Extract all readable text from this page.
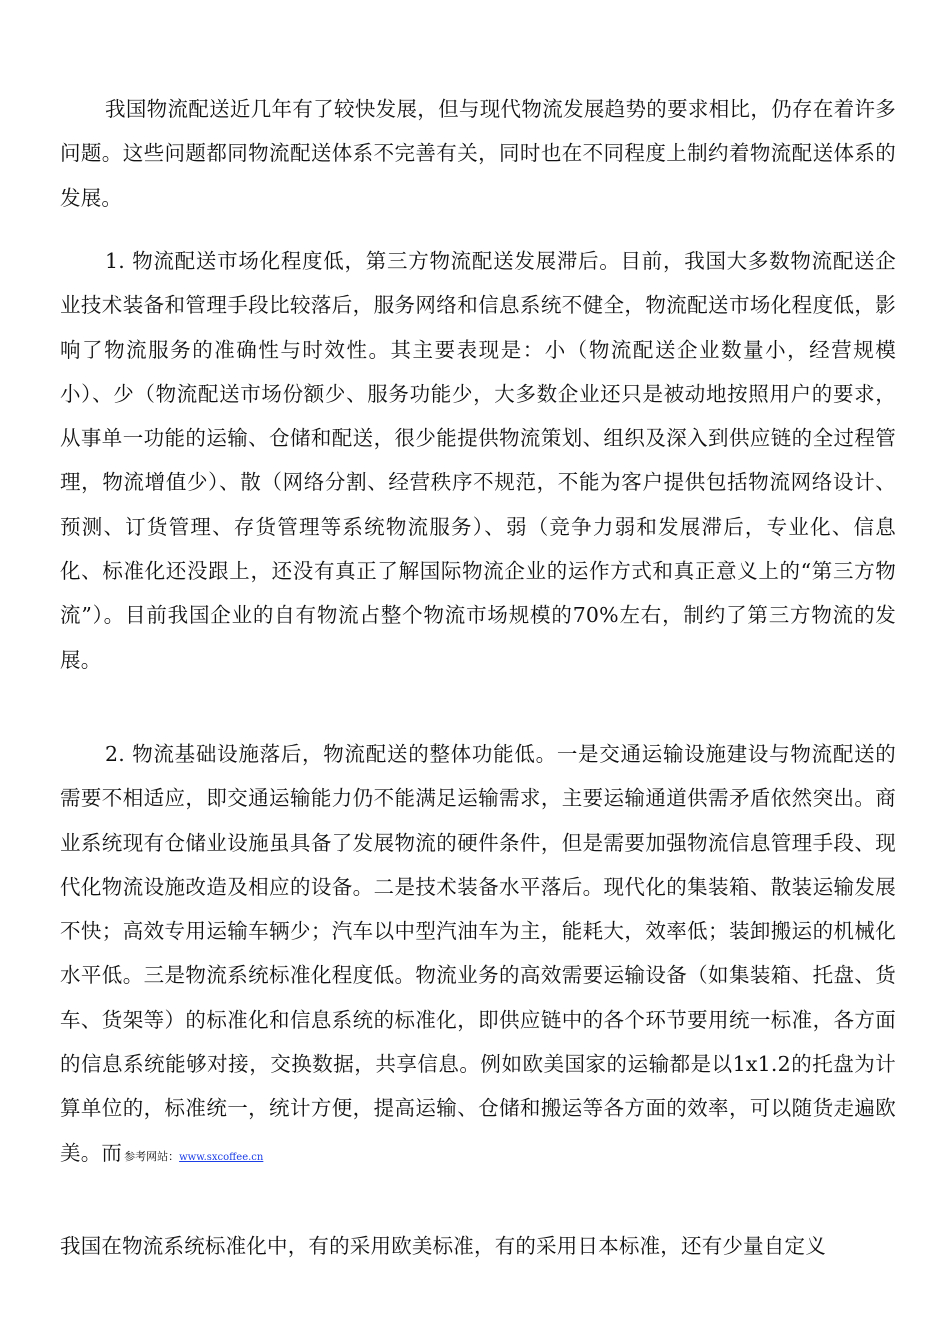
我国物流配送近几年有了较快发展，但与现代物流发展趋势的要求相比，仍存在着许多问题。这些问题都同物流配送体系不完善有关，同时也在不同程度上制约着物流配送体系的发展。

1. 物流配送市场化程度低，第三方物流配送发展滞后。目前，我国大多数物流配送企业技术装备和管理手段比较落后，服务网络和信息系统不健全，物流配送市场化程度低，影响了物流服务的准确性与时效性。其主要表现是：小（物流配送企业数量小，经营规模小）、少（物流配送市场份额少、服务功能少，大多数企业还只是被动地按照用户的要求，从事单一功能的运输、仓储和配送，很少能提供物流策划、组织及深入到供应链的全过程管理，物流增值少）、散（网络分割、经营秩序不规范，不能为客户提供包括物流网络设计、预测、订货管理、存货管理等系统物流服务）、弱（竞争力弱和发展滞后，专业化、信息化、标准化还没跟上，还没有真正了解国际物流企业的运作方式和真正意义上的“第三方物流”）。目前我国企业的自有物流占整个物流市场规模的70%左右，制约了第三方物流的发展。

2. 物流基础设施落后，物流配送的整体功能低。一是交通运输设施建设与物流配送的需要不相适应，即交通运输能力仍不能满足运输需求，主要运输通道供需矛盾依然突出。商业系统现有仓储业设施虽具备了发展物流的硬件条件，但是需要加强物流信息管理手段、现代化物流设施改造及相应的设备。二是技术装备水平落后。现代化的集装箱、散装运输发展不快；高效专用运输车辆少；汽车以中型汽油车为主，能耗大，效率低；装卸搬运的机械化水平低。三是物流系统标准化程度低。物流业务的高效需要运输设备（如集装箱、托盘、货车、货架等）的标准化和信息系统的标准化，即供应链中的各个环节要用统一标准，各方面的信息系统能够对接，交换数据，共享信息。例如欧美国家的运输都是以1x1.2的托盘为计算单位的，标准统一，统计方便，提高运输、仓储和搬运等各方面的效率，可以随货走遍欧美。而 参考网站：www.sxcoffee.cn

我国在物流系统标准化中，有的采用欧美标准，有的采用日本标准，还有少量自定义
